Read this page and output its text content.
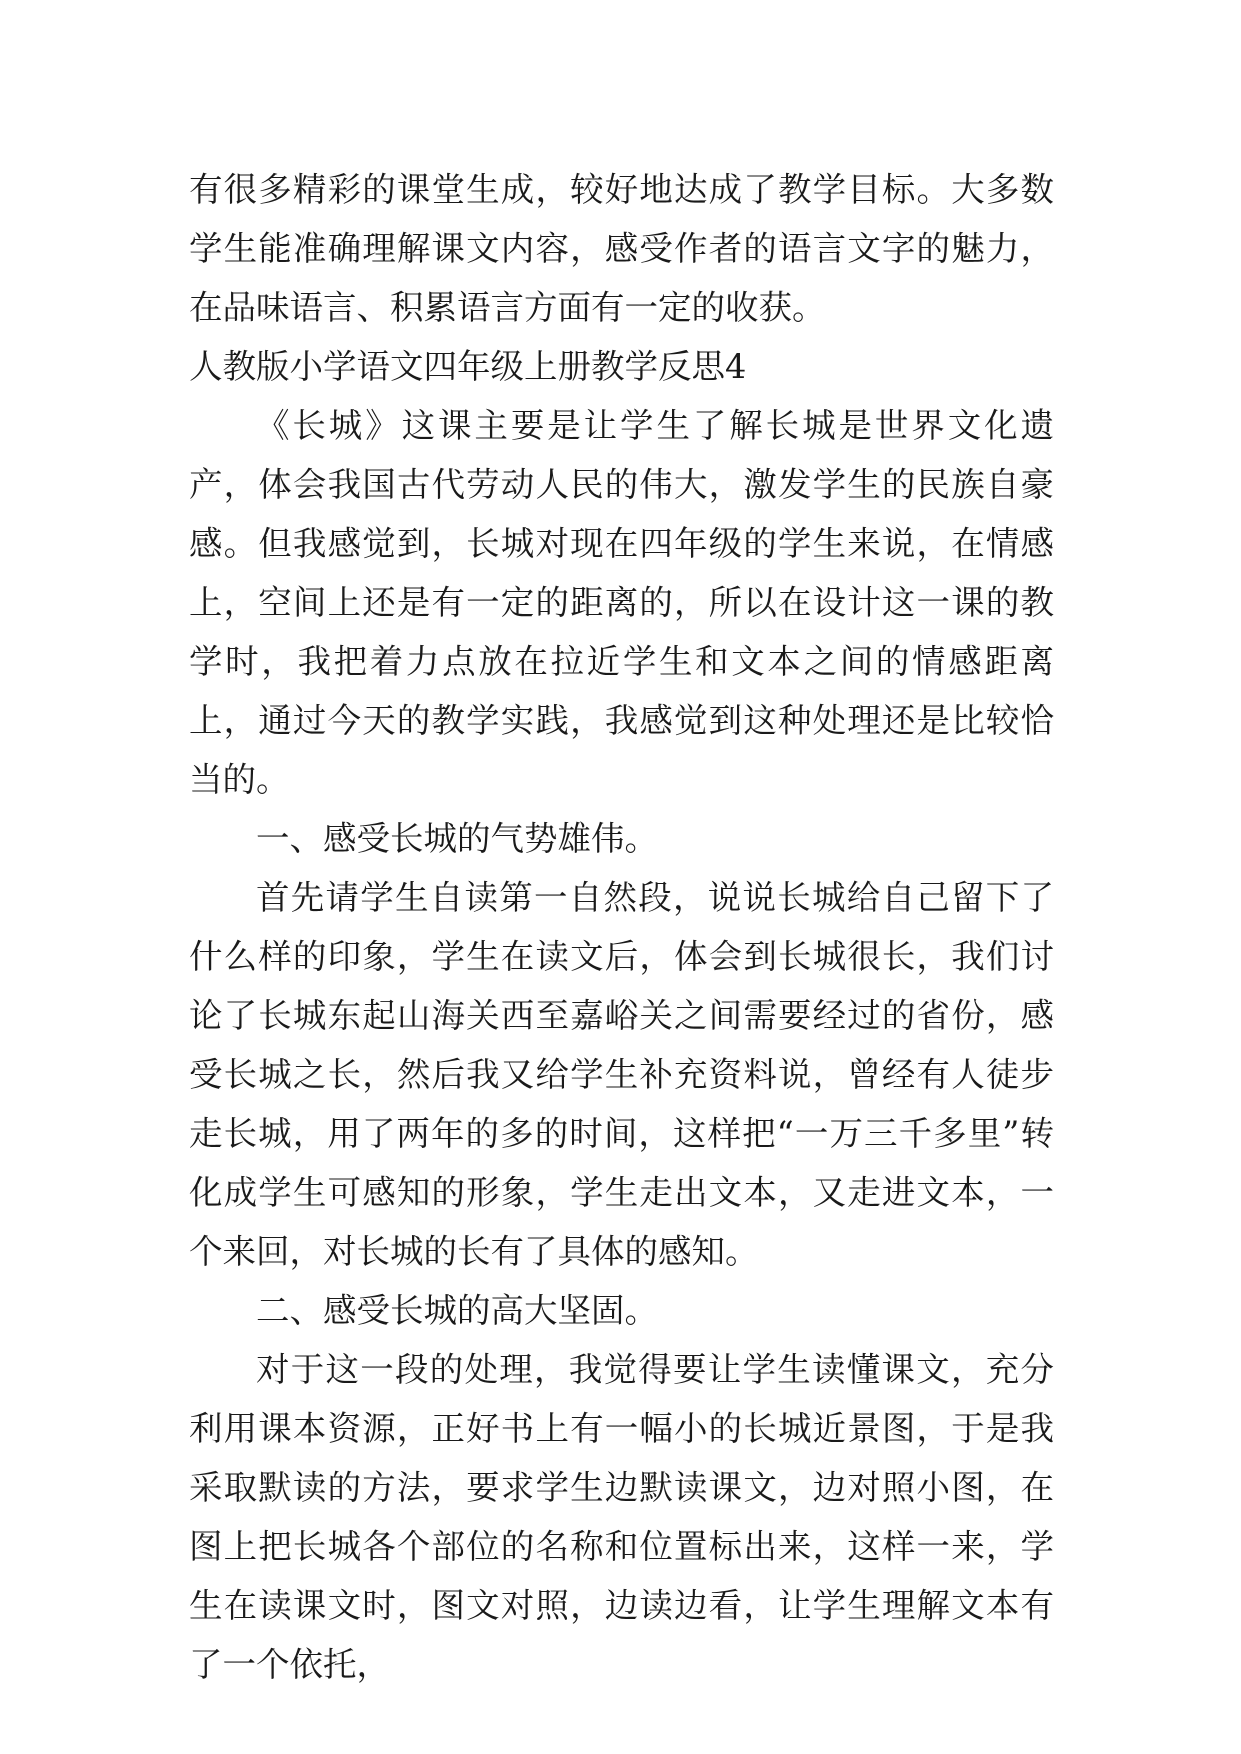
有很多精彩的课堂生成，较好地达成了教学目标。大多数学生能准确理解课文内容，感受作者的语言文字的魅力，在品味语言、积累语言方面有一定的收获。

人教版小学语文四年级上册教学反思4

《长城》这课主要是让学生了解长城是世界文化遗产，体会我国古代劳动人民的伟大，激发学生的民族自豪感。但我感觉到，长城对现在四年级的学生来说，在情感上，空间上还是有一定的距离的，所以在设计这一课的教学时，我把着力点放在拉近学生和文本之间的情感距离上，通过今天的教学实践，我感觉到这种处理还是比较恰当的。

一、感受长城的气势雄伟。

首先请学生自读第一自然段，说说长城给自己留下了什么样的印象，学生在读文后，体会到长城很长，我们讨论了长城东起山海关西至嘉峪关之间需要经过的省份，感受长城之长，然后我又给学生补充资料说，曾经有人徒步走长城，用了两年的多的时间，这样把“一万三千多里”转化成学生可感知的形象，学生走出文本，又走进文本，一个来回，对长城的长有了具体的感知。

二、感受长城的高大坚固。

对于这一段的处理，我觉得要让学生读懂课文，充分利用课本资源，正好书上有一幅小的长城近景图，于是我采取默读的方法，要求学生边默读课文，边对照小图，在图上把长城各个部位的名称和位置标出来，这样一来，学生在读课文时，图文对照，边读边看，让学生理解文本有了一个依托，
